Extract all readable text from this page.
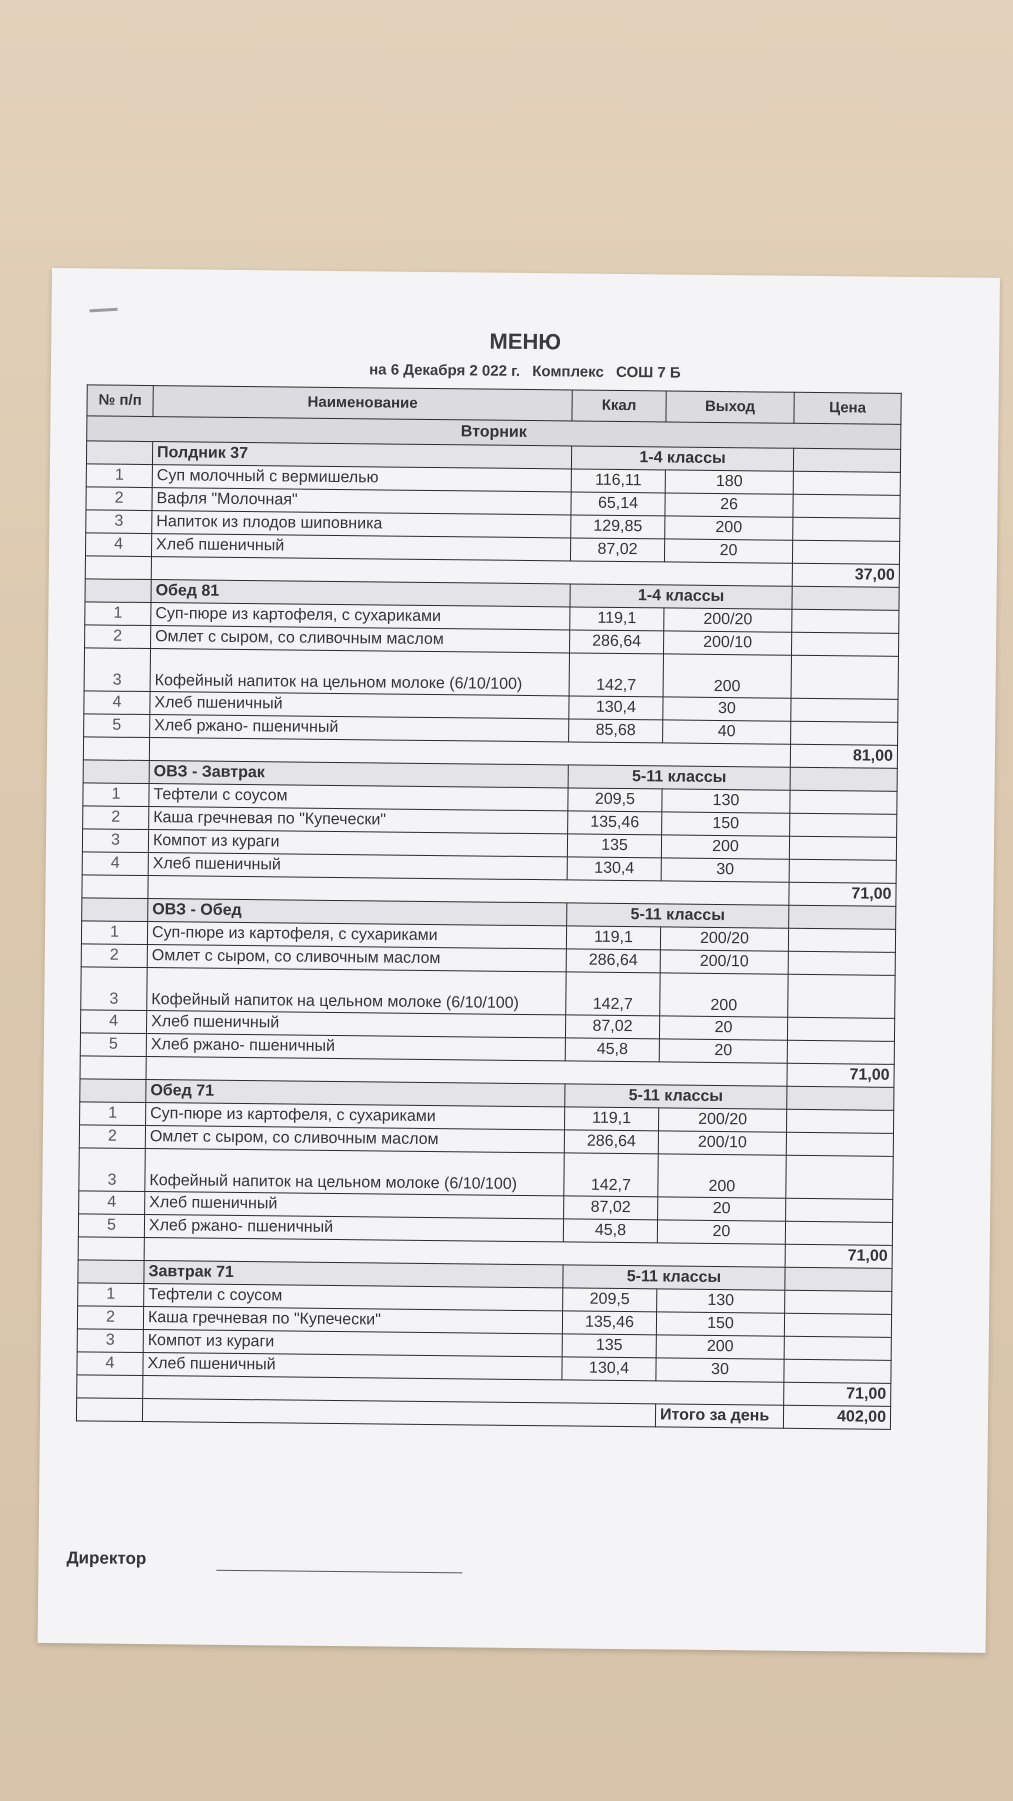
МЕНЮ
на 6 Декабря 2 022 г. Комплекс СОШ 7 Б
№ п/п	Наименование	Ккал	Выход	Цена
Вторник				
	Полдник 37	1-4 классы		
1	Суп молочный с вермишелью	116,11	180	
2	Вафля "Молочная"	65,14	26	
3	Напиток из плодов шиповника	129,85	200	
4	Хлеб пшеничный	87,02	20	
				37,00
	Обед 81	1-4 классы		
1	Суп-пюре из картофеля, с сухариками	119,1	200/20	
2	Омлет с сыром, со сливочным маслом	286,64	200/10	
3	Кофейный напиток на цельном молоке (6/10/100)	142,7	200	
4	Хлеб пшеничный	130,4	30	
5	Хлеб ржано- пшеничный	85,68	40	
				81,00
	ОВЗ - Завтрак	5-11 классы		
1	Тефтели с соусом	209,5	130	
2	Каша гречневая по "Купечески"	135,46	150	
3	Компот из кураги	135	200	
4	Хлеб пшеничный	130,4	30	
				71,00
	ОВЗ - Обед	5-11 классы		
1	Суп-пюре из картофеля, с сухариками	119,1	200/20	
2	Омлет с сыром, со сливочным маслом	286,64	200/10	
3	Кофейный напиток на цельном молоке (6/10/100)	142,7	200	
4	Хлеб пшеничный	87,02	20	
5	Хлеб ржано- пшеничный	45,8	20	
				71,00
	Обед 71	5-11 классы		
1	Суп-пюре из картофеля, с сухариками	119,1	200/20	
2	Омлет с сыром, со сливочным маслом	286,64	200/10	
3	Кофейный напиток на цельном молоке (6/10/100)	142,7	200	
4	Хлеб пшеничный	87,02	20	
5	Хлеб ржано- пшеничный	45,8	20	
				71,00
	Завтрак 71	5-11 классы		
1	Тефтели с соусом	209,5	130	
2	Каша гречневая по "Купечески"	135,46	150	
3	Компот из кураги	135	200	
4	Хлеб пшеничный	130,4	30	
				71,00
			Итого за день	402,00
Директор
